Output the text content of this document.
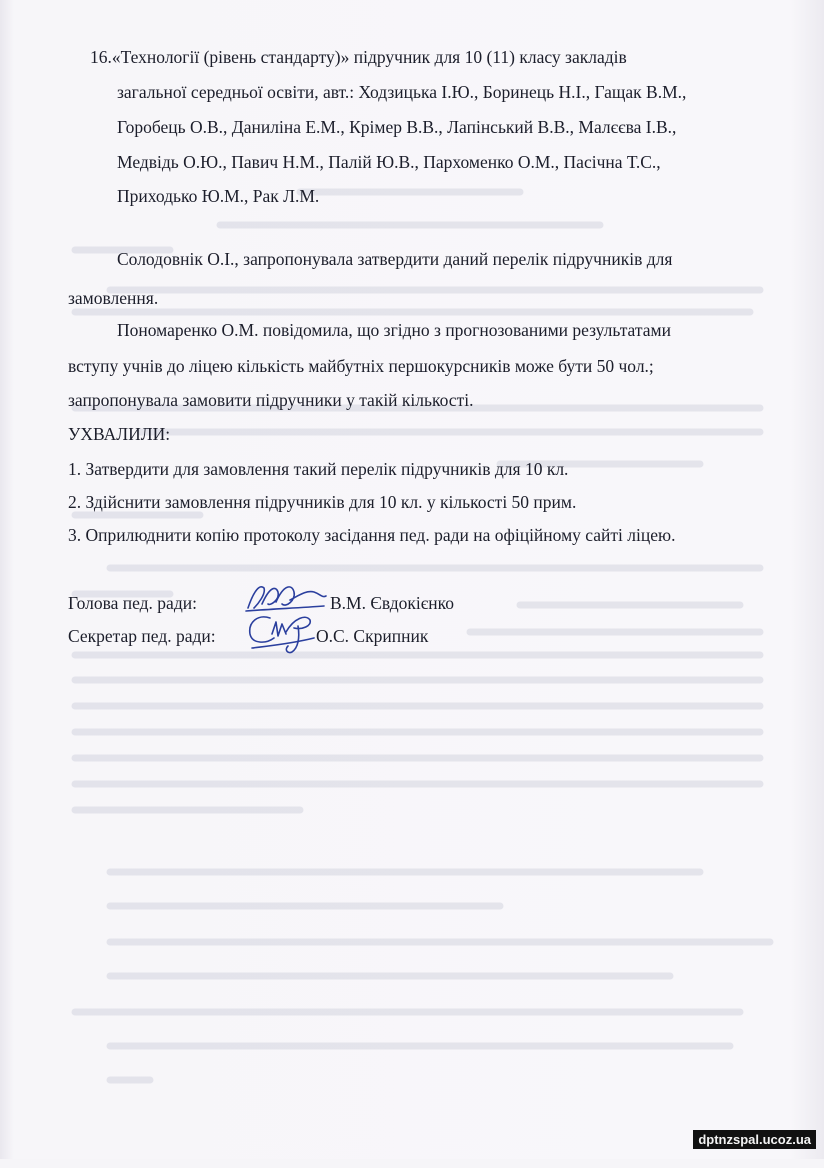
16.«Технології (рівень стандарту)» підручник для 10 (11) класу закладів
загальної середньої освіти, авт.: Ходзицька І.Ю., Боринець Н.І., Гащак В.М.,
Горобець О.В., Даниліна Е.М., Крімер В.В., Лапінський В.В., Малєєва І.В.,
Медвідь О.Ю., Павич Н.М., Палій Ю.В., Пархоменко О.М., Пасічна Т.С.,
Приходько Ю.М., Рак Л.М.
Солодовнік О.І., запропонувала затвердити даний перелік підручників для
замовлення.
Пономаренко О.М. повідомила, що згідно з прогнозованими результатами
вступу учнів до ліцею кількість майбутніх першокурсників може бути 50 чол.;
запропонувала замовити підручники у такій кількості.
УХВАЛИЛИ:
1. Затвердити для замовлення такий перелік підручників для 10 кл.
2. Здійснити замовлення підручників для 10 кл. у кількості 50 прим.
3. Оприлюднити копію протоколу засідання пед. ради на офіційному сайті ліцею.
Голова пед. ради:	В.М. Євдокієнко
Секретар пед. ради:	О.С. Скрипник
dptnzspal.ucoz.ua
